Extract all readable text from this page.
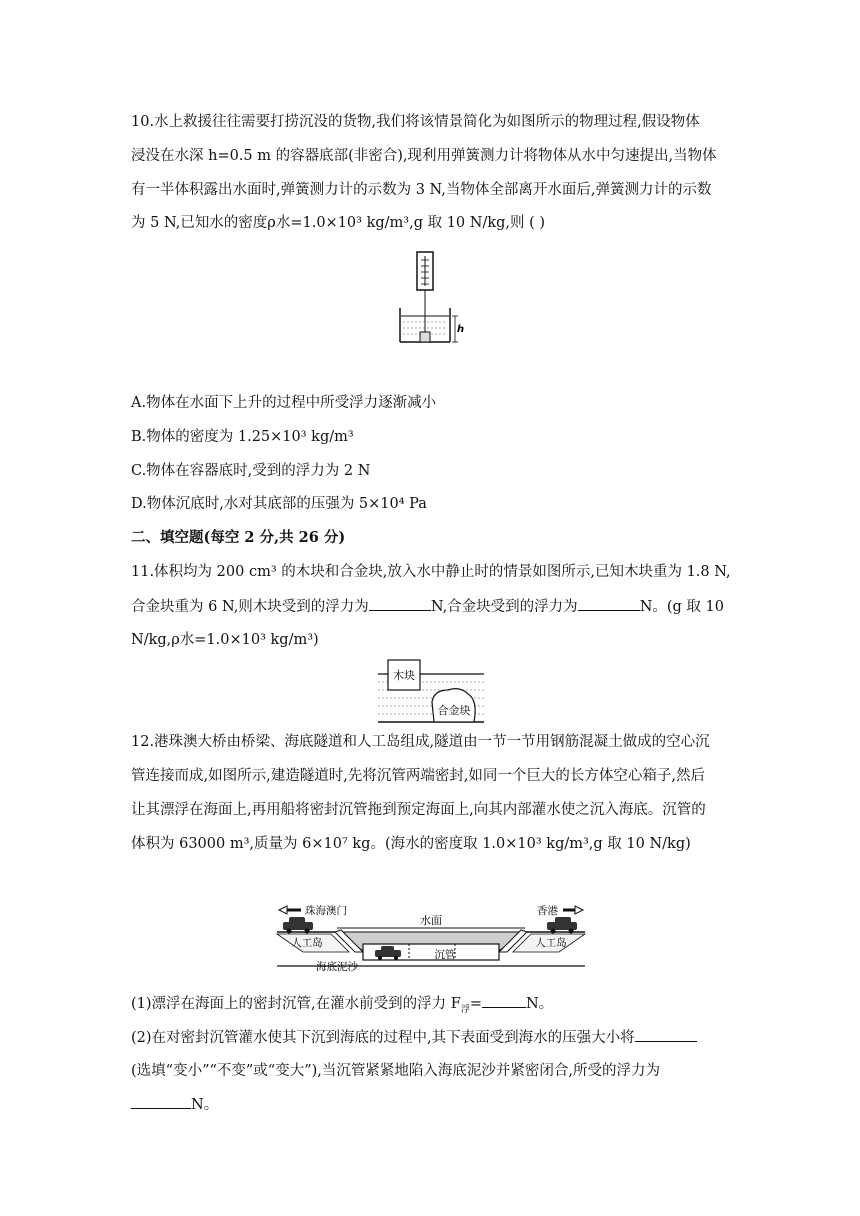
10.水上救援往往需要打捞沉没的货物,我们将该情景简化为如图所示的物理过程,假设物体
浸没在水深 h=0.5 m 的容器底部(非密合),现利用弹簧测力计将物体从水中匀速提出,当物体
有一半体积露出水面时,弹簧测力计的示数为 3 N,当物体全部离开水面后,弹簧测力计的示数
为 5 N,已知水的密度ρ水=1.0×10³ kg/m³,g 取 10 N/kg,则 ( )
h
A.物体在水面下上升的过程中所受浮力逐渐减小
B.物体的密度为 1.25×10³ kg/m³
C.物体在容器底时,受到的浮力为 2 N
D.物体沉底时,水对其底部的压强为 5×10⁴ Pa
二、填空题(每空 2 分,共 26 分)
11.体积均为 200 cm³ 的木块和合金块,放入水中静止时的情景如图所示,已知木块重为 1.8 N,
合金块重为 6 N,则木块受到的浮力为	N,合金块受到的浮力为	N。(g 取 10
N/kg,ρ水=1.0×10³ kg/m³)
木块
合金块
12.港珠澳大桥由桥梁、海底隧道和人工岛组成,隧道由一节一节用钢筋混凝土做成的空心沉
管连接而成,如图所示,建造隧道时,先将沉管两端密封,如同一个巨大的长方体空心箱子,然后
让其漂浮在海面上,再用船将密封沉管拖到预定海面上,向其内部灌水使之沉入海底。沉管的
体积为 63000 m³,质量为 6×10⁷ kg。(海水的密度取 1.0×10³ kg/m³,g 取 10 N/kg)
珠海澳门	香港
水面
沉管
人工岛	人工岛
海底泥沙
(1)漂浮在海面上的密封沉管,在灌水前受到的浮力 $F_浮=$	N。
(2)在对密封沉管灌水使其下沉到海底的过程中,其下表面受到海水的压强大小将
(选填“变小”“不变”或“变大”),当沉管紧紧地陷入海底泥沙并紧密闭合,所受的浮力为
N。
